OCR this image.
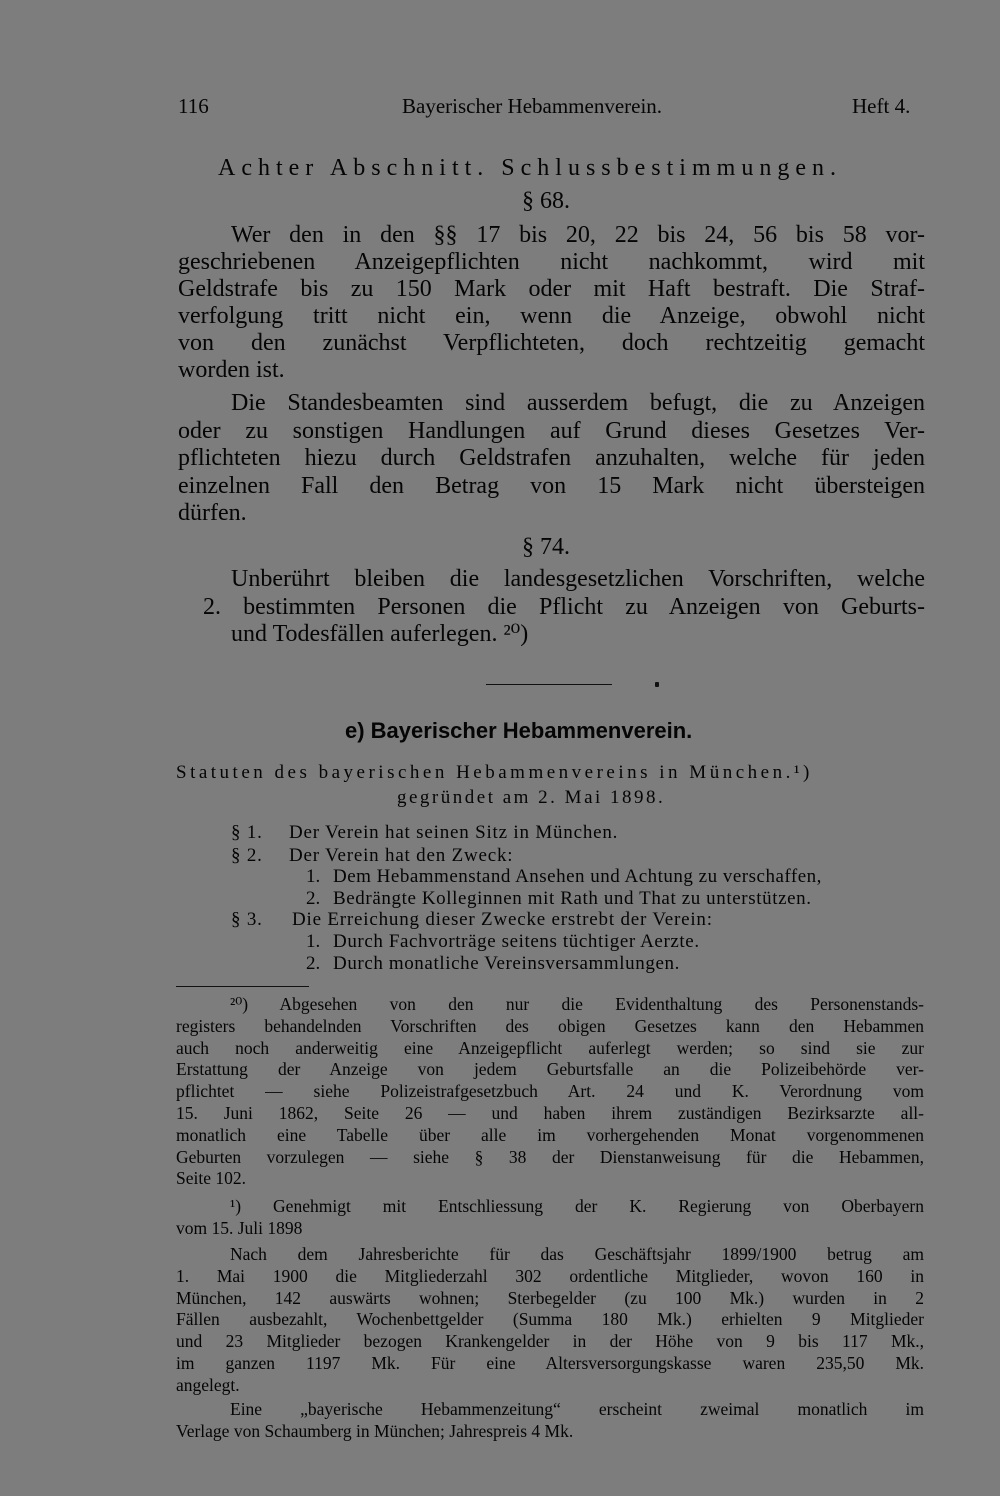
116	Bayerischer Hebammenverein.	Heft 4.
Achter Abschnitt. Schlussbestimmungen.
§ 68.
Wer den in den §§ 17 bis 20, 22 bis 24, 56 bis 58 vor-
geschriebenen Anzeigepflichten nicht nachkommt, wird mit
Geldstrafe bis zu 150 Mark oder mit Haft bestraft. Die Straf-
verfolgung tritt nicht ein, wenn die Anzeige, obwohl nicht
von den zunächst Verpflichteten, doch rechtzeitig gemacht
worden ist.
Die Standesbeamten sind ausserdem befugt, die zu Anzeigen
oder zu sonstigen Handlungen auf Grund dieses Gesetzes Ver-
pflichteten hiezu durch Geldstrafen anzuhalten, welche für jeden
einzelnen Fall den Betrag von 15 Mark nicht übersteigen
dürfen.
§ 74.
Unberührt bleiben die landesgesetzlichen Vorschriften, welche
2. bestimmten Personen die Pflicht zu Anzeigen von Geburts-
und Todesfällen auferlegen. ²⁰)
e) Bayerischer Hebammenverein.
Statuten des bayerischen Hebammenvereins in München.¹)
gegründet am 2. Mai 1898.
§ 1. Der Verein hat seinen Sitz in München.
§ 2. Der Verein hat den Zweck:
1. Dem Hebammenstand Ansehen und Achtung zu verschaffen,
2. Bedrängte Kolleginnen mit Rath und That zu unterstützen.
§ 3. Die Erreichung dieser Zwecke erstrebt der Verein:
1. Durch Fachvorträge seitens tüchtiger Aerzte.
2. Durch monatliche Vereinsversammlungen.
²⁰) Abgesehen von den nur die Evidenthaltung des Personenstands-
registers behandelnden Vorschriften des obigen Gesetzes kann den Hebammen
auch noch anderweitig eine Anzeigepflicht auferlegt werden; so sind sie zur
Erstattung der Anzeige von jedem Geburtsfalle an die Polizeibehörde ver-
pflichtet — siehe Polizeistrafgesetzbuch Art. 24 und K. Verordnung vom
15. Juni 1862, Seite 26 — und haben ihrem zuständigen Bezirksarzte all-
monatlich eine Tabelle über alle im vorhergehenden Monat vorgenommenen
Geburten vorzulegen — siehe § 38 der Dienstanweisung für die Hebammen,
Seite 102.
¹) Genehmigt mit Entschliessung der K. Regierung von Oberbayern
vom 15. Juli 1898
Nach dem Jahresberichte für das Geschäftsjahr 1899/1900 betrug am
1. Mai 1900 die Mitgliederzahl 302 ordentliche Mitglieder, wovon 160 in
München, 142 auswärts wohnen; Sterbegelder (zu 100 Mk.) wurden in 2
Fällen ausbezahlt, Wochenbettgelder (Summa 180 Mk.) erhielten 9 Mitglieder
und 23 Mitglieder bezogen Krankengelder in der Höhe von 9 bis 117 Mk.,
im ganzen 1197 Mk. Für eine Altersversorgungskasse waren 235,50 Mk.
angelegt.
Eine „bayerische Hebammenzeitung“ erscheint zweimal monatlich im
Verlage von Schaumberg in München; Jahrespreis 4 Mk.
